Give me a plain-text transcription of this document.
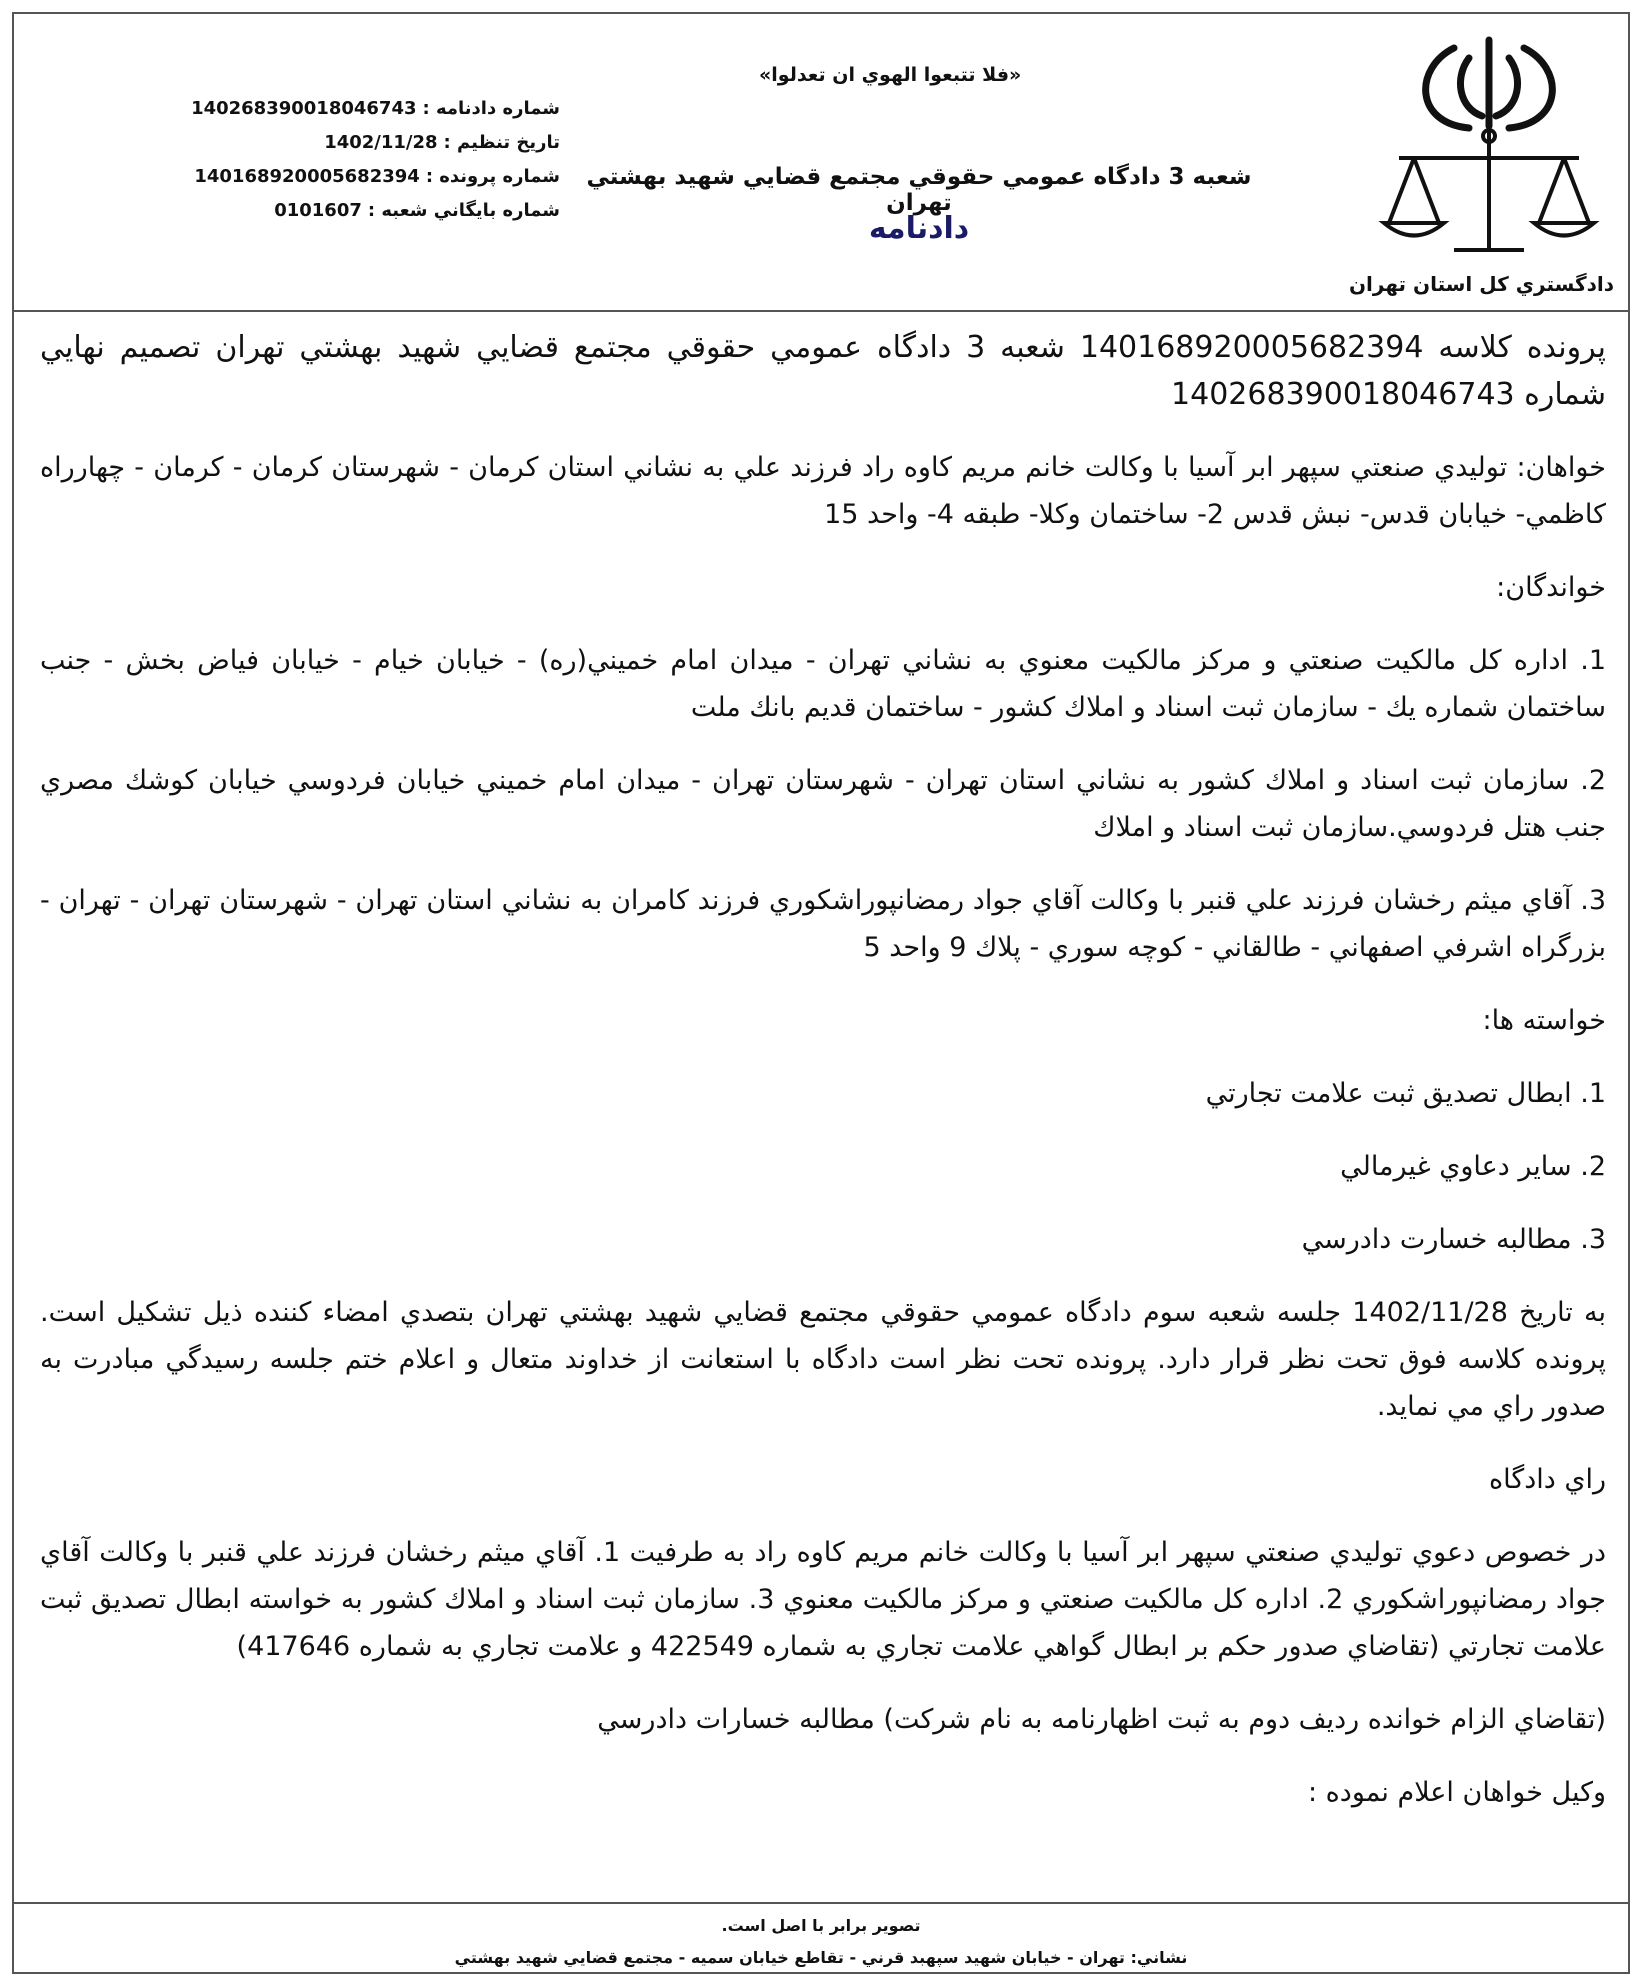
«فلا تتبعوا الهوي ان تعدلوا»
شعبه 3 دادگاه عمومي حقوقي مجتمع قضايي شهيد بهشتي تهران
دادنامه
140268390018046743 شماره دادنامه :
1402/11/28 تاريخ تنظيم :
140168920005682394 شماره پرونده :
0101607 شماره بايگاني شعبه :
دادگستري كل استان تهران

پرونده كلاسه 140168920005682394 شعبه 3 دادگاه عمومي حقوقي مجتمع قضايي شهيد بهشتي تهران تصميم نهايي شماره 140268390018046743

خواهان: توليدي صنعتي سپهر ابر آسيا با وكالت خانم مريم كاوه راد فرزند علي به نشاني استان كرمان - شهرستان كرمان - كرمان - چهارراه كاظمي- خيابان قدس- نبش قدس 2- ساختمان وكلا- طبقه 4- واحد 15

خواندگان:

1. اداره كل مالكيت صنعتي و مركز مالكيت معنوي به نشاني تهران - ميدان امام خميني(ره) - خيابان خيام - خيابان فياض بخش - جنب ساختمان شماره يك - سازمان ثبت اسناد و املاك كشور - ساختمان قديم بانك ملت

2. سازمان ثبت اسناد و املاك كشور به نشاني استان تهران - شهرستان تهران - ميدان امام خميني خيابان فردوسي خيابان كوشك مصري جنب هتل فردوسي.سازمان ثبت اسناد و املاك

3. آقاي ميثم رخشان فرزند علي قنبر با وكالت آقاي جواد رمضانپوراشكوري فرزند كامران به نشاني استان تهران - شهرستان تهران - تهران - بزرگراه اشرفي اصفهاني - طالقاني - كوچه سوري - پلاك 9 واحد 5

خواسته ها:

1. ابطال تصديق ثبت علامت تجارتي

2. ساير دعاوي غيرمالي

3. مطالبه خسارت دادرسي

به تاريخ 1402/11/28 جلسه شعبه سوم دادگاه عمومي حقوقي مجتمع قضايي شهيد بهشتي تهران بتصدي امضاء كننده ذيل تشكيل است. پرونده كلاسه فوق تحت نظر قرار دارد. پرونده تحت نظر است دادگاه با استعانت از خداوند متعال و اعلام ختم جلسه رسيدگي مبادرت به صدور راي مي نمايد.

راي دادگاه

در خصوص دعوي توليدي صنعتي سپهر ابر آسيا با وكالت خانم مريم كاوه راد به طرفيت 1. آقاي ميثم رخشان فرزند علي قنبر با وكالت آقاي جواد رمضانپوراشكوري 2. اداره كل مالكيت صنعتي و مركز مالكيت معنوي 3. سازمان ثبت اسناد و املاك كشور به خواسته ابطال تصديق ثبت علامت تجارتي (تقاضاي صدور حكم بر ابطال گواهي علامت تجاري به شماره 422549 و علامت تجاري به شماره 417646)

(تقاضاي الزام خوانده رديف دوم به ثبت اظهارنامه به نام شركت) مطالبه خسارات دادرسي

وكيل خواهان اعلام نموده :

تصوير برابر با اصل است.
نشاني: تهران - خيابان شهيد سپهبد قرني - تقاطع خيابان سميه - مجتمع قضايي شهيد بهشتي
